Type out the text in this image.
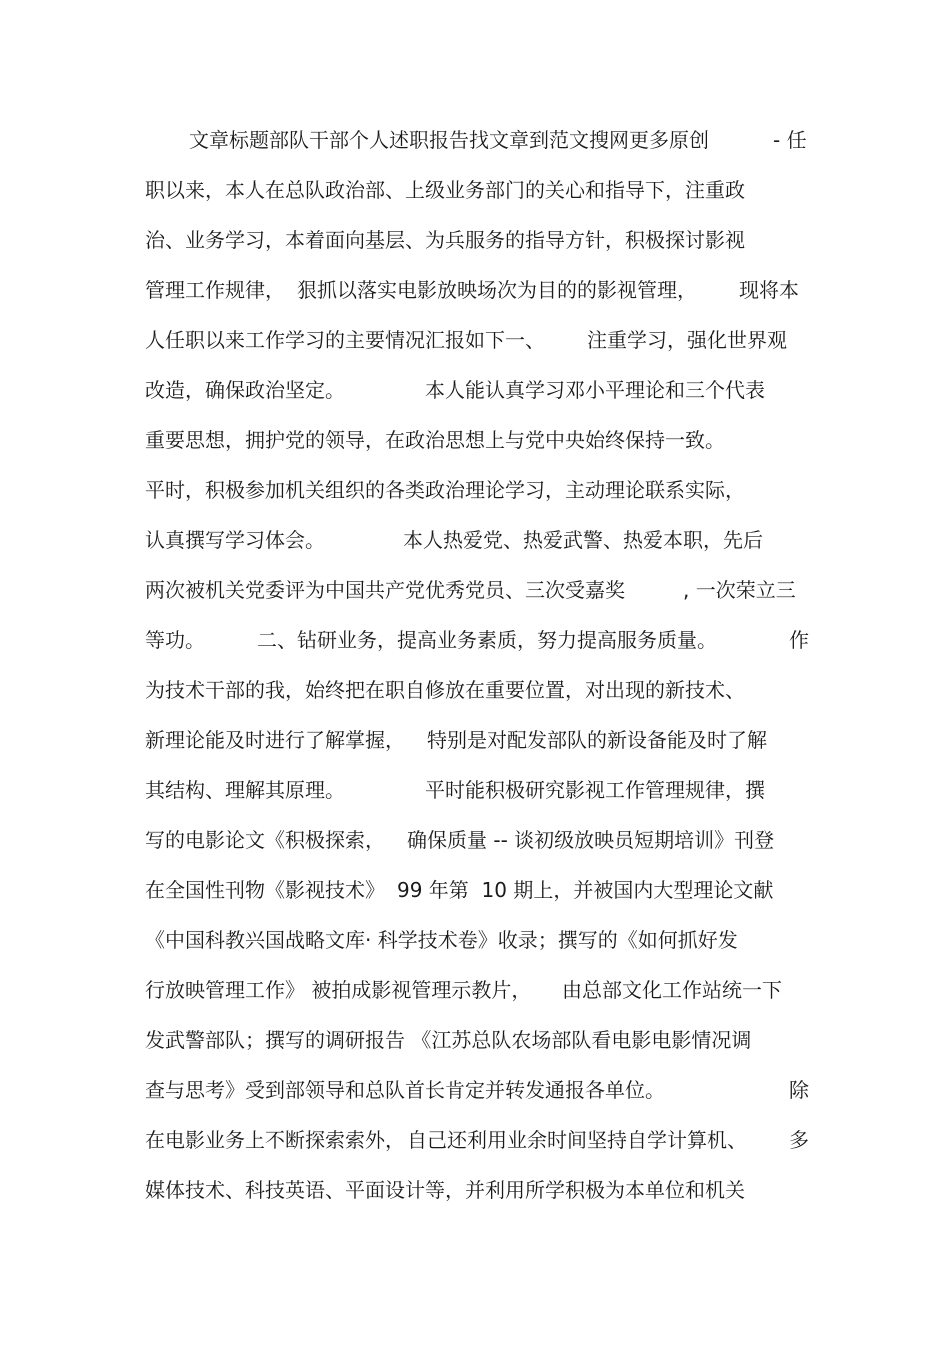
文章标题部队干部个人述职报告找文章到范文搜网更多原创	- 任
职以来，本人在总队政治部、上级业务部门的关心和指导下，注重政
治、业务学习，本着面向基层、为兵服务的指导方针，积极探讨影视
管理工作规律， 狠抓以落实电影放映场次为目的的影视管理， 现将本
人任职以来工作学习的主要情况汇报如下一、 注重学习，强化世界观
改造，确保政治坚定。	本人能认真学习邓小平理论和三个代表
重要思想，拥护党的领导，在政治思想上与党中央始终保持一致。
平时，积极参加机关组织的各类政治理论学习，主动理论联系实际，
认真撰写学习体会。	本人热爱党、热爱武警、热爱本职，先后
两次被机关党委评为中国共产党优秀党员、三次受嘉奖	, 一次荣立三
等功。	二、钻研业务，提高业务素质，努力提高服务质量。	作
为技术干部的我，始终把在职自修放在重要位置，对出现的新技术、
新理论能及时进行了解掌握， 特别是对配发部队的新设备能及时了解
其结构、理解其原理。	平时能积极研究影视工作管理规律，撰
写的电影论文《积极探索， 确保质量 -- 谈初级放映员短期培训》刊登
在全国性刊物《影视技术》 99 年第  10 期上，并被国内大型理论文献
《中国科教兴国战略文库· 科学技术卷》收录；撰写的《如何抓好发
行放映管理工作》 被拍成影视管理示教片， 由总部文化工作站统一下
发武警部队；撰写的调研报告 《江苏总队农场部队看电影电影情况调
查与思考》受到部领导和总队首长肯定并转发通报各单位。	除
在电影业务上不断探索索外， 自己还利用业余时间坚持自学计算机、 多
媒体技术、科技英语、平面设计等，并利用所学积极为本单位和机关
